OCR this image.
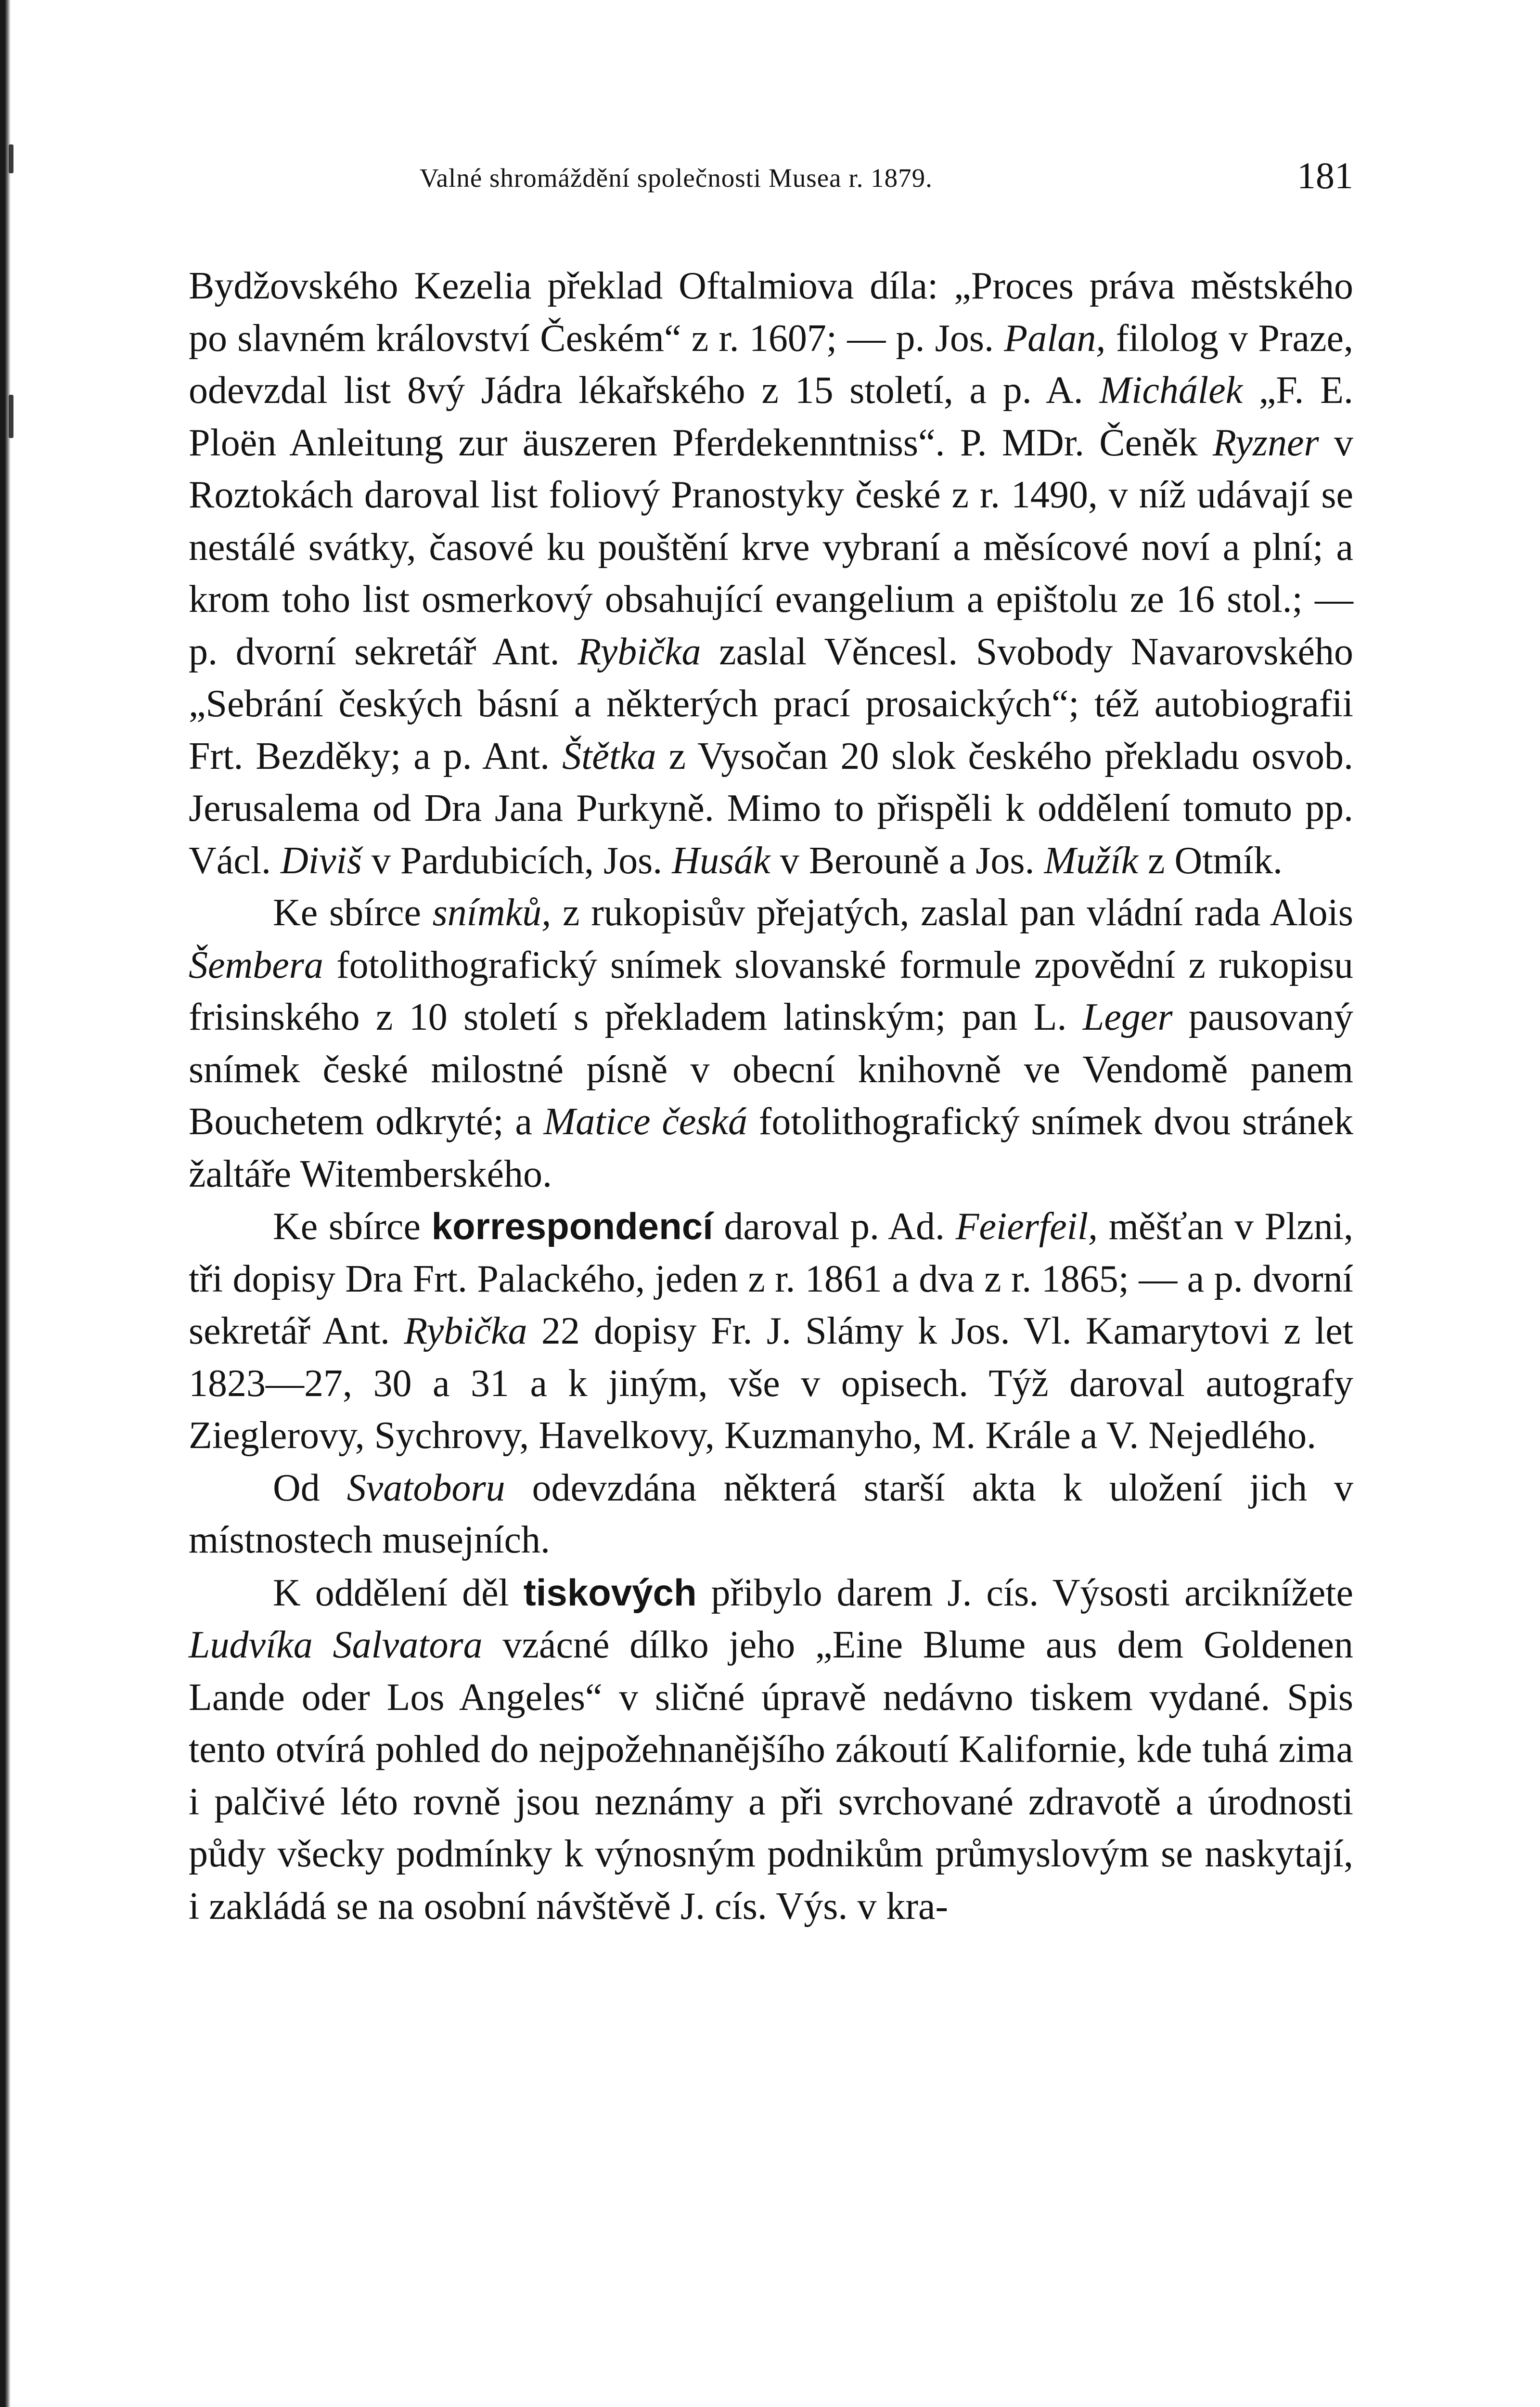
Valné shromáždění společnosti Musea r. 1879.	181

Bydžovského Kezelia překlad Oftalmiova díla: „Proces práva městského po slavném království Českém“ z r. 1607; — p. Jos. Palan, filolog v Praze, odevzdal list 8vý Jádra lékařského z 15 století, a p. A. Michálek „F. E. Ploën Anleitung zur äuszeren Pferdekenntniss“. P. MDr. Čeněk Ryzner v Roztokách daroval list foliový Pranostyky české z r. 1490, v níž udávají se nestálé svátky, časové ku pouštění krve vybraní a měsícové noví a plní; a krom toho list osmerkový obsahující evangelium a epištolu ze 16 stol.; — p. dvorní sekretář Ant. Rybička zaslal Věncesl. Svobody Navarovského „Sebrání českých básní a některých prací prosaických“; též autobiografii Frt. Bezděky; a p. Ant. Štětka z Vysočan 20 slok českého překladu osvob. Jerusalema od Dra Jana Purkyně. Mimo to přispěli k oddělení tomuto pp. Václ. Diviš v Pardubicích, Jos. Husák v Berouně a Jos. Mužík z Otmík.

Ke sbírce snímků, z rukopisův přejatých, zaslal pan vládní rada Alois Šembera fotolithografický snímek slovanské formule zpovědní z rukopisu frisinského z 10 století s překladem latinským; pan L. Leger pausovaný snímek české milostné písně v obecní knihovně ve Vendomě panem Bouchetem odkryté; a Matice česká fotolithografický snímek dvou stránek žaltáře Witemberského.

Ke sbírce korrespondencí daroval p. Ad. Feierfeil, měšťan v Plzni, tři dopisy Dra Frt. Palackého, jeden z r. 1861 a dva z r. 1865; — a p. dvorní sekretář Ant. Rybička 22 dopisy Fr. J. Slámy k Jos. Vl. Kamarytovi z let 1823—27, 30 a 31 a k jiným, vše v opisech. Týž daroval autografy Zieglerovy, Sychrovy, Havelkovy, Kuzmanyho, M. Krále a V. Nejedlého.

Od Svatoboru odevzdána některá starší akta k uložení jich v místnostech musejních.

K oddělení děl tiskových přibylo darem J. cís. Výsosti arciknížete Ludvíka Salvatora vzácné dílko jeho „Eine Blume aus dem Goldenen Lande oder Los Angeles“ v sličné úpravě nedávno tiskem vydané. Spis tento otvírá pohled do nejpožehnanějšího zákoutí Kalifornie, kde tuhá zima i palčivé léto rovně jsou neznámy a při svrchované zdravotě a úrodnosti půdy všecky podmínky k výnosným podnikům průmyslovým se naskytají, i zakládá se na osobní návštěvě J. cís. Výs. v kra-
